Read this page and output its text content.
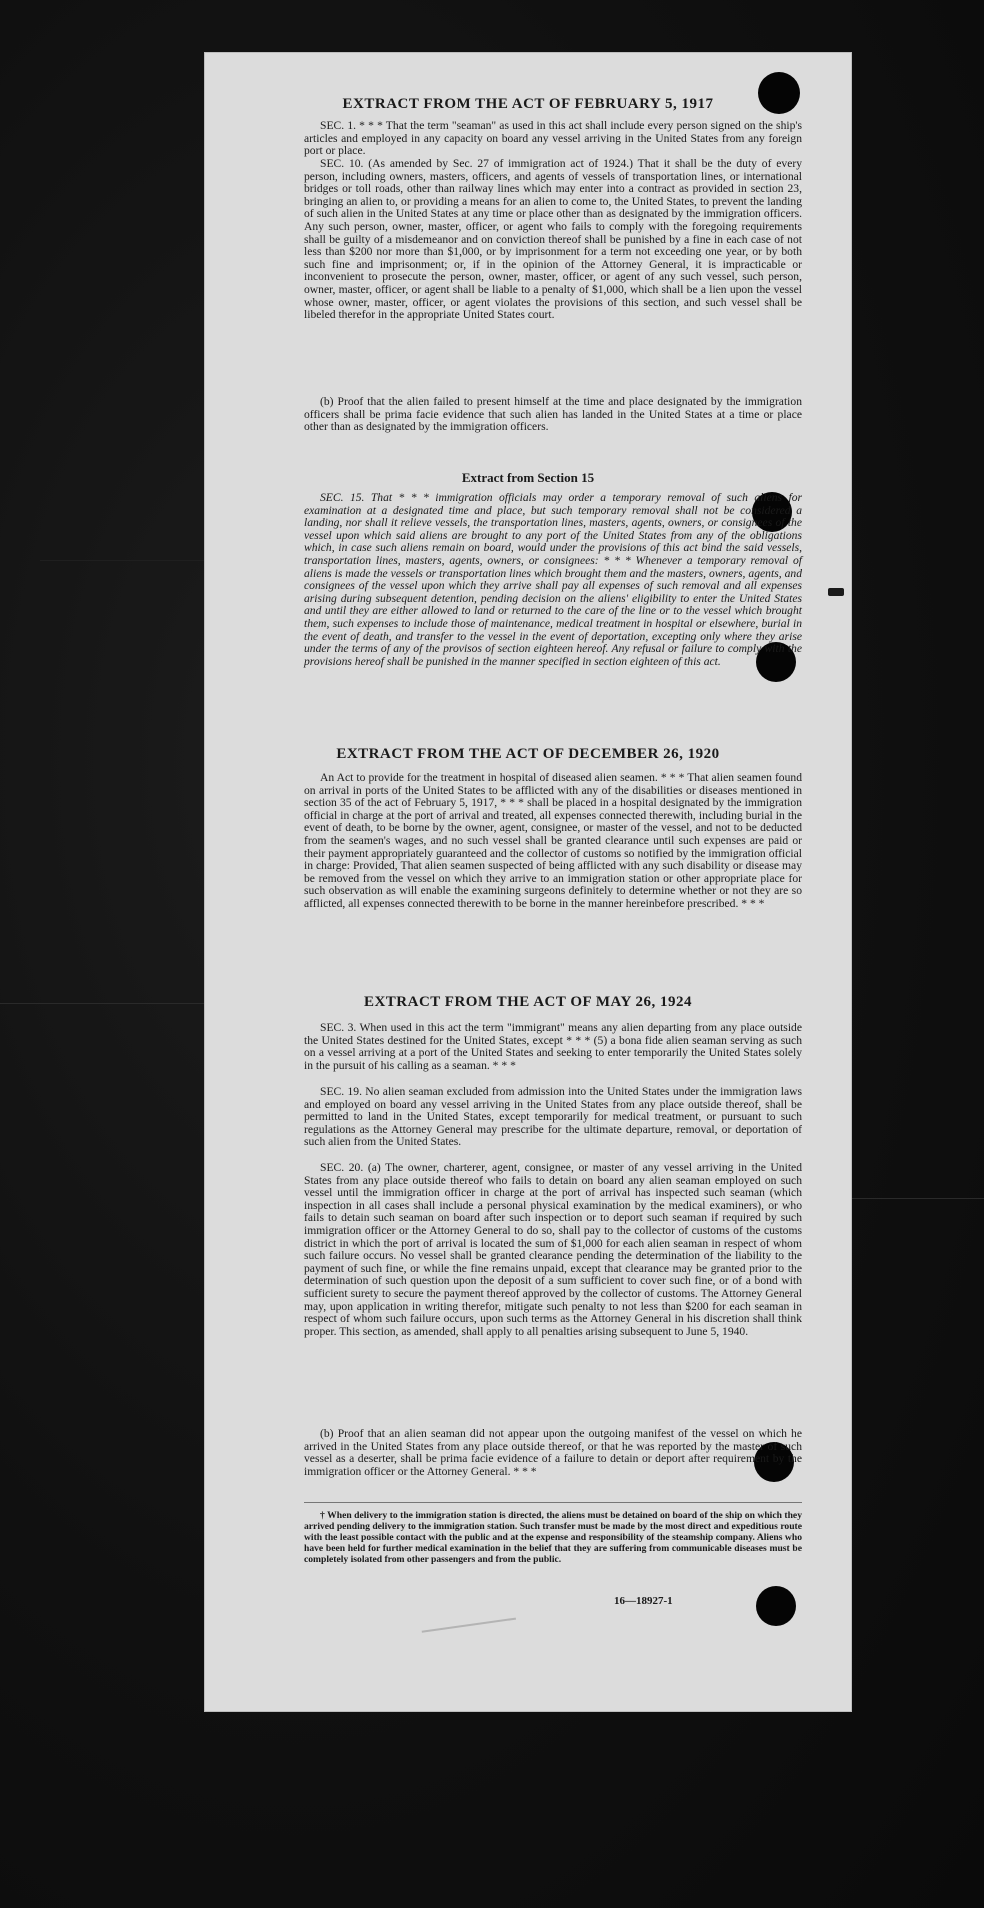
EXTRACT FROM THE ACT OF FEBRUARY 5, 1917

SEC. 1. * * * That the term "seaman" as used in this act shall include every person signed on the ship's articles and employed in any capacity on board any vessel arriving in the United States from any foreign port or place.

SEC. 10. (As amended by Sec. 27 of immigration act of 1924.) That it shall be the duty of every person, including owners, masters, officers, and agents of vessels of transportation lines, or international bridges or toll roads, other than railway lines which may enter into a contract as provided in section 23, bringing an alien to, or providing a means for an alien to come to, the United States, to prevent the landing of such alien in the United States at any time or place other than as designated by the immigration officers. Any such person, owner, master, officer, or agent who fails to comply with the foregoing requirements shall be guilty of a misdemeanor and on conviction thereof shall be punished by a fine in each case of not less than $200 nor more than $1,000, or by imprisonment for a term not exceeding one year, or by both such fine and imprisonment; or, if in the opinion of the Attorney General, it is impracticable or inconvenient to prosecute the person, owner, master, officer, or agent of any such vessel, such person, owner, master, officer, or agent shall be liable to a penalty of $1,000, which shall be a lien upon the vessel whose owner, master, officer, or agent violates the provisions of this section, and such vessel shall be libeled therefor in the appropriate United States court.

(b) Proof that the alien failed to present himself at the time and place designated by the immigration officers shall be prima facie evidence that such alien has landed in the United States at a time or place other than as designated by the immigration officers.

Extract from Section 15

SEC. 15. That * * * immigration officials may order a temporary removal of such aliens for examination at a designated time and place, but such temporary removal shall not be considered a landing, nor shall it relieve vessels, the transportation lines, masters, agents, owners, or consignees of the vessel upon which said aliens are brought to any port of the United States from any of the obligations which, in case such aliens remain on board, would under the provisions of this act bind the said vessels, transportation lines, masters, agents, owners, or consignees: * * * Whenever a temporary removal of aliens is made the vessels or transportation lines which brought them and the masters, owners, agents, and consignees of the vessel upon which they arrive shall pay all expenses of such removal and all expenses arising during subsequent detention, pending decision on the aliens' eligibility to enter the United States and until they are either allowed to land or returned to the care of the line or to the vessel which brought them, such expenses to include those of maintenance, medical treatment in hospital or elsewhere, burial in the event of death, and transfer to the vessel in the event of deportation, excepting only where they arise under the terms of any of the provisos of section eighteen hereof. Any refusal or failure to comply with the provisions hereof shall be punished in the manner specified in section eighteen of this act.

EXTRACT FROM THE ACT OF DECEMBER 26, 1920

An Act to provide for the treatment in hospital of diseased alien seamen. * * * That alien seamen found on arrival in ports of the United States to be afflicted with any of the disabilities or diseases mentioned in section 35 of the act of February 5, 1917, * * * shall be placed in a hospital designated by the immigration official in charge at the port of arrival and treated, all expenses connected therewith, including burial in the event of death, to be borne by the owner, agent, consignee, or master of the vessel, and not to be deducted from the seamen's wages, and no such vessel shall be granted clearance until such expenses are paid or their payment appropriately guaranteed and the collector of customs so notified by the immigration official in charge: Provided, That alien seamen suspected of being afflicted with any such disability or disease may be removed from the vessel on which they arrive to an immigration station or other appropriate place for such observation as will enable the examining surgeons definitely to determine whether or not they are so afflicted, all expenses connected therewith to be borne in the manner hereinbefore prescribed. * * *

EXTRACT FROM THE ACT OF MAY 26, 1924

SEC. 3. When used in this act the term "immigrant" means any alien departing from any place outside the United States destined for the United States, except * * * (5) a bona fide alien seaman serving as such on a vessel arriving at a port of the United States and seeking to enter temporarily the United States solely in the pursuit of his calling as a seaman. * * *

SEC. 19. No alien seaman excluded from admission into the United States under the immigration laws and employed on board any vessel arriving in the United States from any place outside thereof, shall be permitted to land in the United States, except temporarily for medical treatment, or pursuant to such regulations as the Attorney General may prescribe for the ultimate departure, removal, or deportation of such alien from the United States.

SEC. 20. (a) The owner, charterer, agent, consignee, or master of any vessel arriving in the United States from any place outside thereof who fails to detain on board any alien seaman employed on such vessel until the immigration officer in charge at the port of arrival has inspected such seaman (which inspection in all cases shall include a personal physical examination by the medical examiners), or who fails to detain such seaman on board after such inspection or to deport such seaman if required by such immigration officer or the Attorney General to do so, shall pay to the collector of customs of the customs district in which the port of arrival is located the sum of $1,000 for each alien seaman in respect of whom such failure occurs. No vessel shall be granted clearance pending the determination of the liability to the payment of such fine, or while the fine remains unpaid, except that clearance may be granted prior to the determination of such question upon the deposit of a sum sufficient to cover such fine, or of a bond with sufficient surety to secure the payment thereof approved by the collector of customs. The Attorney General may, upon application in writing therefor, mitigate such penalty to not less than $200 for each seaman in respect of whom such failure occurs, upon such terms as the Attorney General in his discretion shall think proper. This section, as amended, shall apply to all penalties arising subsequent to June 5, 1940.

(b) Proof that an alien seaman did not appear upon the outgoing manifest of the vessel on which he arrived in the United States from any place outside thereof, or that he was reported by the master of such vessel as a deserter, shall be prima facie evidence of a failure to detain or deport after requirement by the immigration officer or the Attorney General. * * *

† When delivery to the immigration station is directed, the aliens must be detained on board of the ship on which they arrived pending delivery to the immigration station. Such transfer must be made by the most direct and expeditious route with the least possible contact with the public and at the expense and responsibility of the steamship company. Aliens who have been held for further medical examination in the belief that they are suffering from communicable diseases must be completely isolated from other passengers and from the public.

16—18927-1
